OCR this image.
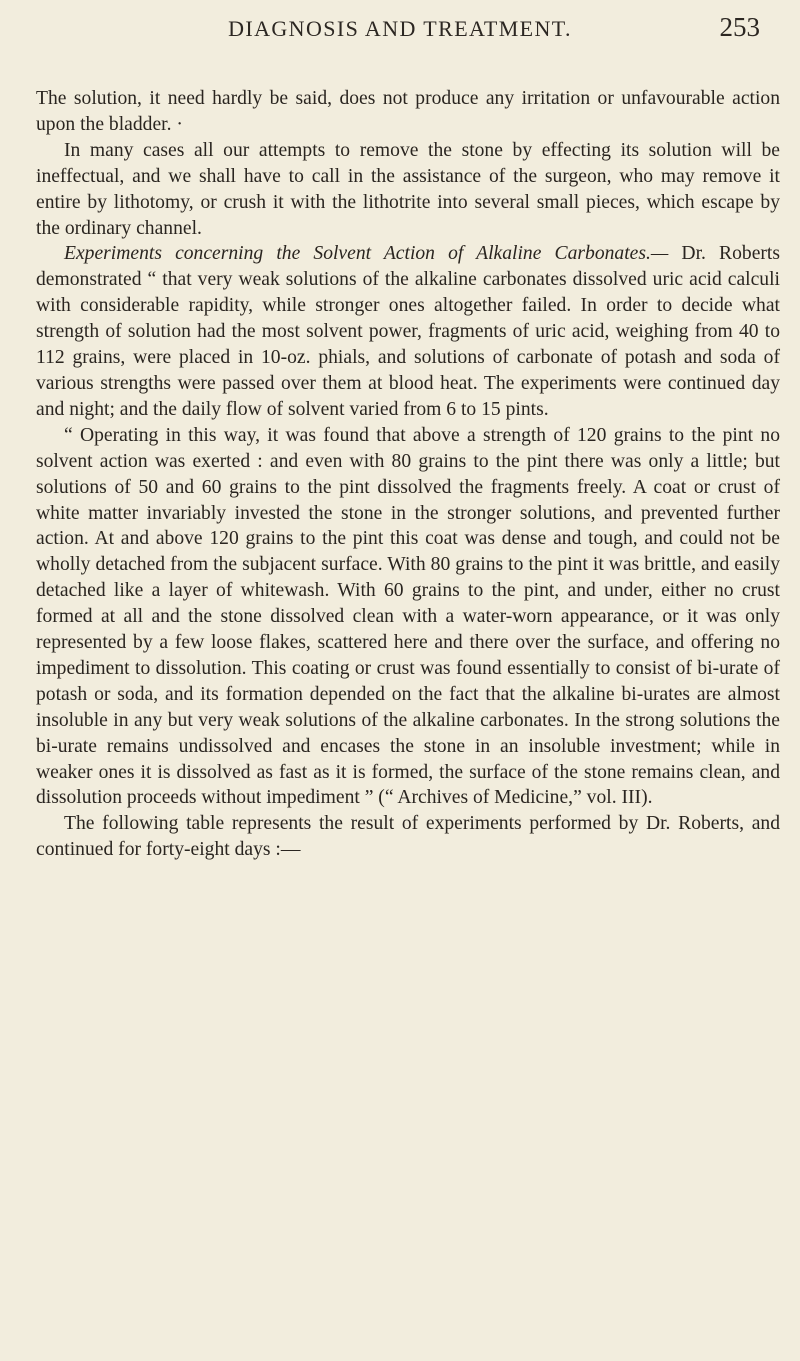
DIAGNOSIS AND TREATMENT.	253

The solution, it need hardly be said, does not produce any irritation or unfavourable action upon the bladder. ·

In many cases all our attempts to remove the stone by effecting its solution will be ineffectual, and we shall have to call in the assistance of the surgeon, who may remove it entire by lithotomy, or crush it with the lithotrite into several small pieces, which escape by the ordinary channel.

Experiments concerning the Solvent Action of Alkaline Carbonates.— Dr. Roberts demonstrated “ that very weak solutions of the alkaline carbonates dissolved uric acid calculi with considerable rapidity, while stronger ones altogether failed. In order to decide what strength of solution had the most solvent power, fragments of uric acid, weighing from 40 to 112 grains, were placed in 10-oz. phials, and solutions of carbonate of potash and soda of various strengths were passed over them at blood heat. The experiments were continued day and night; and the daily flow of solvent varied from 6 to 15 pints.

“ Operating in this way, it was found that above a strength of 120 grains to the pint no solvent action was exerted : and even with 80 grains to the pint there was only a little; but solutions of 50 and 60 grains to the pint dissolved the fragments freely. A coat or crust of white matter invariably invested the stone in the stronger solutions, and prevented further action. At and above 120 grains to the pint this coat was dense and tough, and could not be wholly detached from the subjacent surface. With 80 grains to the pint it was brittle, and easily detached like a layer of whitewash. With 60 grains to the pint, and under, either no crust formed at all and the stone dissolved clean with a water-worn appearance, or it was only represented by a few loose flakes, scattered here and there over the surface, and offering no impediment to dissolution. This coating or crust was found essentially to consist of bi-urate of potash or soda, and its formation depended on the fact that the alkaline bi-urates are almost insoluble in any but very weak solutions of the alkaline carbonates. In the strong solutions the bi-urate remains undissolved and encases the stone in an insoluble investment; while in weaker ones it is dissolved as fast as it is formed, the surface of the stone remains clean, and dissolution proceeds without impediment ” (“ Archives of Medicine,” vol. III).

The following table represents the result of experiments performed by Dr. Roberts, and continued for forty-eight days :—
